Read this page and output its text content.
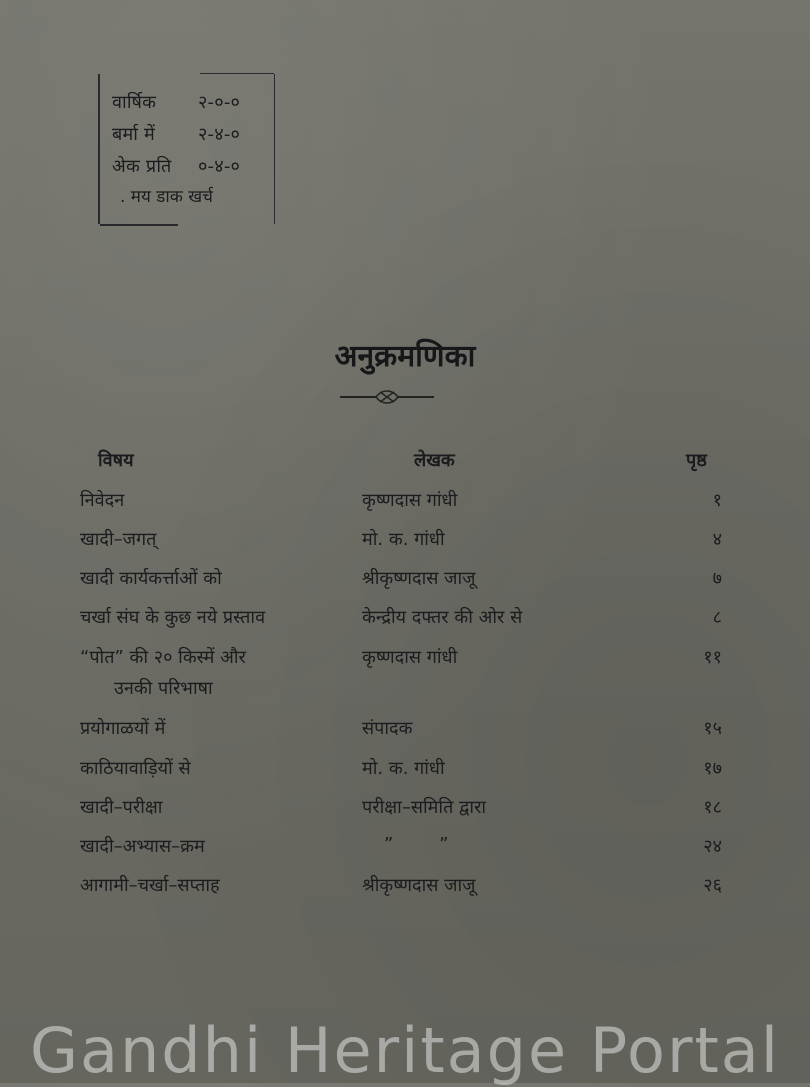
वार्षिक २-०-०
बर्मा में २-४-०
अेक प्रति ०-४-०
. मय डाक खर्च
अनुक्रमणिका
विषय	लेखक	पृष्ठ
निवेदन	कृष्णदास गांधी	१
खादी–जगत्	मो. क. गांधी	४
खादी कार्यकर्त्ताओं को	श्रीकृष्णदास जाजू	७
चर्खा संघ के कुछ नये प्रस्ताव	केन्द्रीय दफ्तर की ओर से	८
“पोत” की २० किस्में और	कृष्णदास गांधी	११
उनकी परिभाषा
प्रयोगाळयों में	संपादक	१५
काठियावाड़ियों से	मो. क. गांधी	१७
खादी–परीक्षा	परीक्षा–समिति द्वारा	१८
खादी–अभ्यास–क्रम	”        ”	२४
आगामी–चर्खा–सप्ताह	श्रीकृष्णदास जाजू	२६
Gandhi Heritage Portal
